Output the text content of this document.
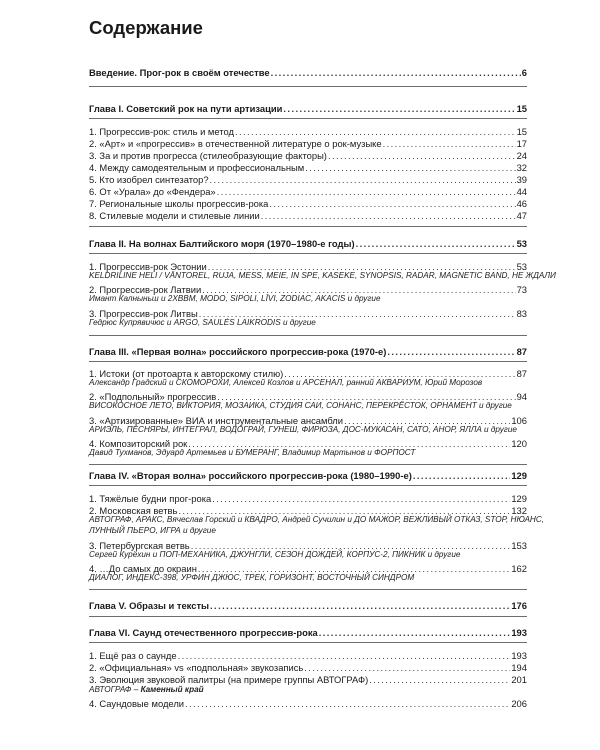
Содержание
Введение. Прог-рок в своём отечестве . . .	6
Глава I. Советский рок на пути артизации . . .	15
1. Прогрессив-рок: стиль и метод . . .	15
2. «Арт» и «прогрессив» в отечественной литературе о рок-музыке . . .	17
3. За и против прогресса (стилеобразующие факторы) . . .	24
4. Между самодеятельным и профессиональным . . .	32
5. Кто изобрел синтезатор? . . .	39
6. От «Урала» до «Фендера» . . .	44
7. Региональные школы прогрессив-рока . . .	46
8. Стилевые модели и стилевые линии . . .	47
Глава II. На волнах Балтийского моря (1970–1980-е годы) . . .	53
1. Прогрессив-рок Эстонии . . .	53
KELDRILINE HELI / VÄNTOREL, RUJA, MESS, MEIE, IN SPE, KASEKE, SYNOPSIS, RADAR, MAGNETIC BAND, НЕ ЖДАЛИ
2. Прогрессив-рок Латвии . . .	73
Имант Калныньш и 2XBBM, MODO, SIPOLI, LĪVI, ZODIAC, AKACIS и другие
3. Прогрессив-рок Литвы . . .	83
Гедрюс Купрявичюс и ARGO, SAULĖS LAIKRODIS и другие
Глава III. «Первая волна» российского прогрессив-рока (1970-е) . . .	87
1. Истоки (от протоарта к авторскому стилю) . . .	87
Александр Градский и СКОМОРОХИ, Алексей Козлов и АРСЕНАЛ, ранний АКВАРИУМ, Юрий Морозов
2. «Подпольный» прогрессив . . .	94
ВИСОКОСНОЕ ЛЕТО, ВИКТОРИЯ, МОЗАИКА, СТУДИЯ САИ, СОНАНС, ПЕРЕКРЁСТОК, ОРНАМЕНТ и другие
3. «Артизированные» ВИА и инструментальные ансамбли . . .	106
АРИЭЛЬ, ПЕСНЯРЫ, ИНТЕГРАЛ, ВОДОГРАЙ, ГУНЕШ, ФИРЮЗА, ДОС-МУКАСАН, САТО, АНОР, ЯЛЛА и другие
4. Композиторский рок . . .	120
Давид Тухманов, Эдуард Артемьев и БУМЕРАНГ, Владимир Мартынов и ФОРПОСТ
Глава IV. «Вторая волна» российского прогрессив-рока (1980–1990-е) . . .	129
1. Тяжёлые будни прог-рока . . .	129
2. Московская ветвь . . .	132
АВТОГРАФ, АРАКС, Вячеслав Горский и КВАДРО, Андрей Сучилин и ДО МАЖОР, ВЕЖЛИВЫЙ ОТКАЗ, STOP, НЮАНС,
ЛУННЫЙ ПЬЕРО, ИГРА и другие
3. Петербургская ветвь . . .	153
Сергей Курёхин и ПОП-МЕХАНИКА, ДЖУНГЛИ, СЕЗОН ДОЖДЕЙ, КОРПУС-2, ПИКНИК и другие
4. …До самых до окраин . . .	162
ДИАЛОГ, ИНДЕКС-398, УРФИН ДЖЮС, ТРЕК, ГОРИЗОНТ, ВОСТОЧНЫЙ СИНДРОМ
Глава V. Образы и тексты . . .	176
Глава VI. Саунд отечественного прогрессив-рока . . .	193
1. Ещё раз о саунде . . .	193
2. «Официальная» vs «подпольная» звукозапись . . .	194
3. Эволюция звуковой палитры (на примере группы АВТОГРАФ) . . .	201
АВТОГРАФ – Каменный край
4. Саундовые модели . . .	206
